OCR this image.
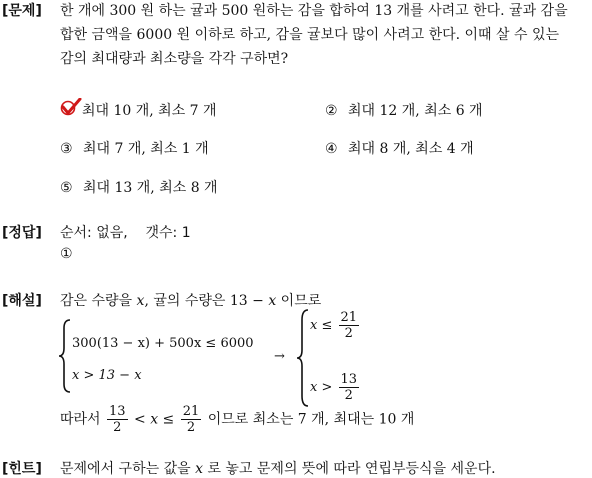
[문제] 한 개에 300 원 하는 귤과 500 원하는 감을 합하여 13 개를 사려고 한다. 귤과 감을
합한 금액을 6000 원 이하로 하고, 감을 귤보다 많이 사려고 한다. 이때 살 수 있는
감의 최대량과 최소량을 각각 구하면?
최대 10 개, 최소 7 개	② 최대 12 개, 최소 6 개
③ 최대 7 개, 최소 1 개	④ 최대 8 개, 최소 4 개
⑤ 최대 13 개, 최소 8 개
[정답] 순서: 없음,    갯수: 1
①
[해설] 감은 수량을 x, 귤의 수량은 13 − x 이므로
300(13 − x) + 500x ≤ 6000
x > 13 − x
→
$x \le \frac{21}{2}$
$x > \frac{13}{2}$
따라서 $\frac{13}{2} < x \le \frac{21}{2}$ 이므로 최소는 7 개, 최대는 10 개
[힌트] 문제에서 구하는 값을 x 로 놓고 문제의 뜻에 따라 연립부등식을 세운다.
